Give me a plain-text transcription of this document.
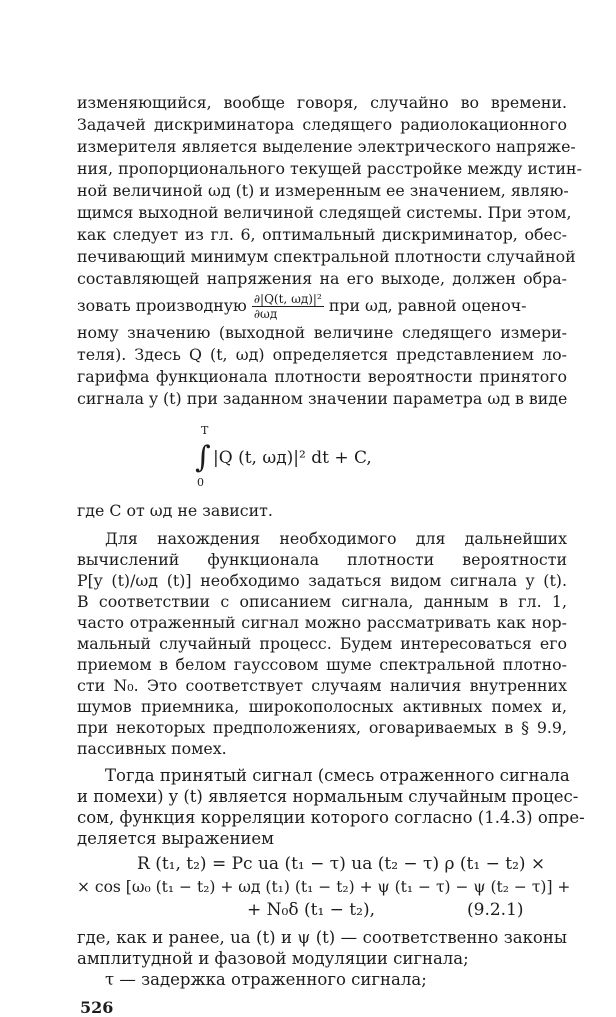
изменяющийся, вообще говоря, случайно во времени.
Задачей дискриминатора следящего радиолокационного
измерителя является выделение электрического напряже-
ния, пропорционального текущей расстройке между истин-
ной величиной ωд (t) и измеренным ее значением, являю-
щимся выходной величиной следящей системы. При этом,
как следует из гл. 6, оптимальный дискриминатор, обес-
печивающий минимум спектральной плотности случайной
составляющей напряжения на его выходе, должен обра-
зовать производную $\frac{\text{∂|Q(t, ωд)|²}}{\partial\omega д}$ при ωд, равной оценоч-
ному значению (выходной величине следящего измери-
теля). Здесь Q (t, ωд) определяется представлением ло-
гарифма функционала плотности вероятности принятого
сигнала y (t) при заданном значении параметра ωд в виде
T
∫
0
|Q (t, ωд)|² dt + C,
где C от ωд не зависит.
Для нахождения необходимого для дальнейших
вычислений функционала плотности вероятности
P[y (t)/ωд (t)] необходимо задаться видом сигнала y (t).
В соответствии с описанием сигнала, данным в гл. 1,
часто отраженный сигнал можно рассматривать как нор-
мальный случайный процесс. Будем интересоваться его
приемом в белом гауссовом шуме спектральной плотно-
сти N₀. Это соответствует случаям наличия внутренних
шумов приемника, широкополосных активных помех и,
при некоторых предположениях, оговариваемых в § 9.9,
пассивных помех.
Тогда принятый сигнал (смесь отраженного сигнала
и помехи) y (t) является нормальным случайным процес-
сом, функция корреляции которого согласно (1.4.3) опре-
деляется выражением
R (t₁, t₂) = Pс uа (t₁ − τ) uа (t₂ − τ) ρ (t₁ − t₂) ×
× cos [ω₀ (t₁ − t₂) + ωд (t₁) (t₁ − t₂) + ψ (t₁ − τ) − ψ (t₂ − τ)] +
+ N₀δ (t₁ − t₂),	(9.2.1)
где, как и ранее, uа (t) и ψ (t) — соответственно законы
амплитудной и фазовой модуляции сигнала;
τ — задержка отраженного сигнала;
526
